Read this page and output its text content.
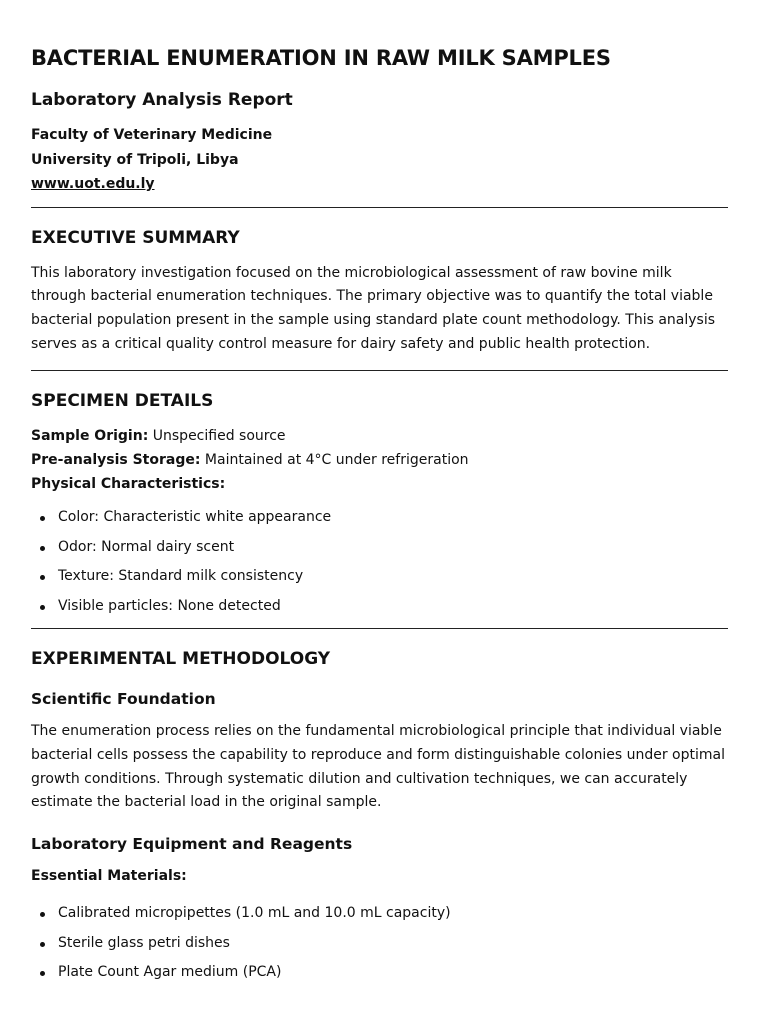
BACTERIAL ENUMERATION IN RAW MILK SAMPLES
Laboratory Analysis Report
Faculty of Veterinary Medicine
University of Tripoli, Libya
www.uot.edu.ly
EXECUTIVE SUMMARY

This laboratory investigation focused on the microbiological assessment of raw bovine milk through bacterial enumeration techniques. The primary objective was to quantify the total viable bacterial population present in the sample using standard plate count methodology. This analysis serves as a critical quality control measure for dairy safety and public health protection.

SPECIMEN DETAILS
Sample Origin: Unspecified source
Pre-analysis Storage: Maintained at 4°C under refrigeration
Physical Characteristics:
Color: Characteristic white appearance
Odor: Normal dairy scent
Texture: Standard milk consistency
Visible particles: None detected
EXPERIMENTAL METHODOLOGY
Scientific Foundation

The enumeration process relies on the fundamental microbiological principle that individual viable bacterial cells possess the capability to reproduce and form distinguishable colonies under optimal growth conditions. Through systematic dilution and cultivation techniques, we can accurately estimate the bacterial load in the original sample.

Laboratory Equipment and Reagents
Essential Materials:
Calibrated micropipettes (1.0 mL and 10.0 mL capacity)
Sterile glass petri dishes
Plate Count Agar medium (PCA)
